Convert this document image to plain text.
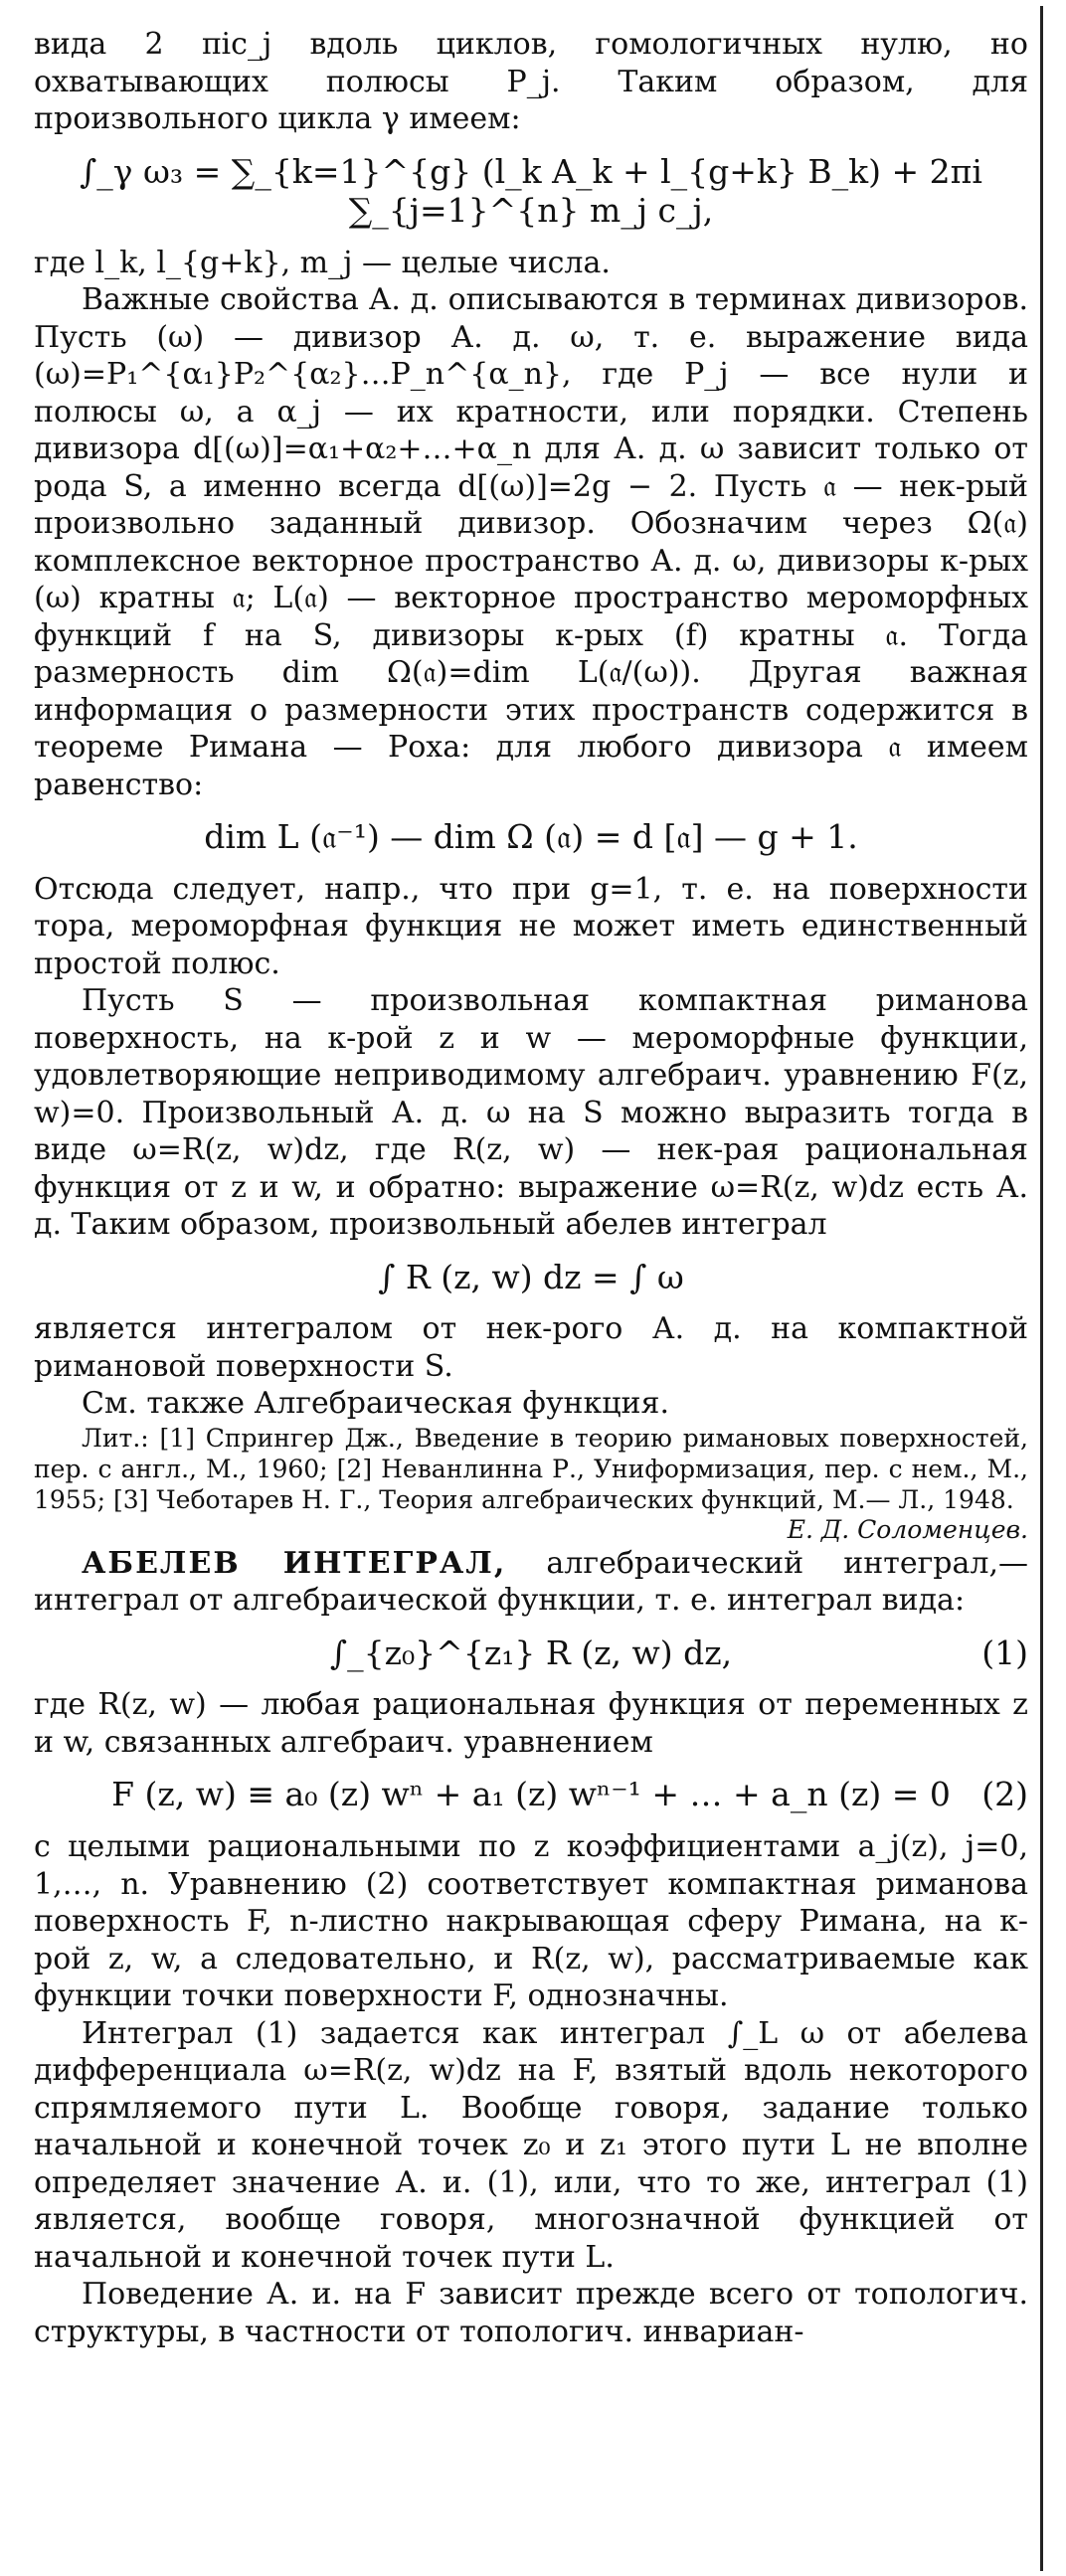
вида 2 πic_j вдоль циклов, гомологичных нулю, но охватывающих полюсы P_j. Таким образом, для произвольного цикла γ имеем:

∫_γ ω₃ = ∑_{k=1}^{g} (l_k A_k + l_{g+k} B_k) + 2πi ∑_{j=1}^{n} m_j c_j,

где l_k, l_{g+k}, m_j — целые числа.

Важные свойства А. д. описываются в терминах дивизоров. Пусть (ω) — дивизор А. д. ω, т. е. выражение вида (ω)=P₁^{α₁}P₂^{α₂}…P_n^{α_n}, где P_j — все нули и полюсы ω, а α_j — их кратности, или порядки. Степень дивизора d[(ω)]=α₁+α₂+…+α_n для А. д. ω зависит только от рода S, а именно всегда d[(ω)]=2g − 2. Пусть 𝔞 — нек-рый произвольно заданный дивизор. Обозначим через Ω(𝔞) комплексное векторное пространство А. д. ω, дивизоры к-рых (ω) кратны 𝔞; L(𝔞) — векторное пространство мероморфных функций f на S, дивизоры к-рых (f) кратны 𝔞. Тогда размерность dim Ω(𝔞)=dim L(𝔞/(ω)). Другая важная информация о размерности этих пространств содержится в теореме Римана — Роха: для любого дивизора 𝔞 имеем равенство:

dim L (𝔞⁻¹) — dim Ω (𝔞) = d [𝔞] — g + 1.

Отсюда следует, напр., что при g=1, т. е. на поверхности тора, мероморфная функция не может иметь единственный простой полюс.

Пусть S — произвольная компактная риманова поверхность, на к-рой z и w — мероморфные функции, удовлетворяющие неприводимому алгебраич. уравнению F(z, w)=0. Произвольный А. д. ω на S можно выразить тогда в виде ω=R(z, w)dz, где R(z, w) — нек-рая рациональная функция от z и w, и обратно: выражение ω=R(z, w)dz есть А. д. Таким образом, произвольный абелев интеграл

∫ R (z, w) dz = ∫ ω

является интегралом от нек-рого А. д. на компактной римановой поверхности S.

См. также Алгебраическая функция.

Лит.: [1] Спрингер Дж., Введение в теорию римановых поверхностей, пер. с англ., М., 1960; [2] Неванлинна Р., Униформизация, пер. с нем., М., 1955; [3] Чеботарев Н. Г., Теория алгебраических функций, М.— Л., 1948.

Е. Д. Соломенцев.

АБЕЛЕВ ИНТЕГРАЛ, алгебраический интеграл,— интеграл от алгебраической функции, т. е. интеграл вида:

∫_{z₀}^{z₁} R (z, w) dz,	(1)

где R(z, w) — любая рациональная функция от переменных z и w, связанных алгебраич. уравнением

F (z, w) ≡ a₀ (z) wⁿ + a₁ (z) wⁿ⁻¹ + … + a_n (z) = 0 (2)

с целыми рациональными по z коэффициентами a_j(z), j=0, 1,…, n. Уравнению (2) соответствует компактная риманова поверхность F, n-листно накрывающая сферу Римана, на к-рой z, w, а следовательно, и R(z, w), рассматриваемые как функции точки поверхности F, однозначны.

Интеграл (1) задается как интеграл ∫_L ω от абелева дифференциала ω=R(z, w)dz на F, взятый вдоль некоторого спрямляемого пути L. Вообще говоря, задание только начальной и конечной точек z₀ и z₁ этого пути L не вполне определяет значение А. и. (1), или, что то же, интеграл (1) является, вообще говоря, многозначной функцией от начальной и конечной точек пути L.

Поведение А. и. на F зависит прежде всего от топологич. структуры, в частности от топологич. инвариан-
